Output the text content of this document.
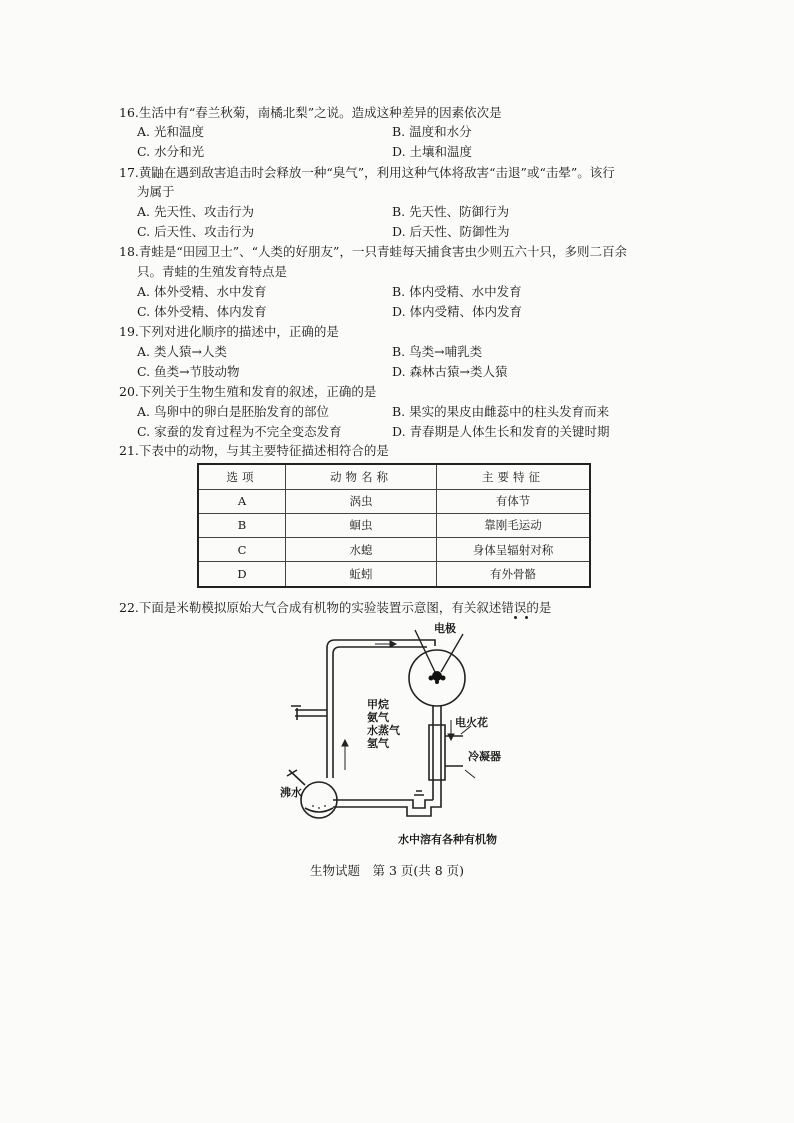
16.生活中有“春兰秋菊，南橘北梨”之说。造成这种差异的因素依次是
A. 光和温度	B. 温度和水分
C. 水分和光	D. 土壤和温度
17.黄鼬在遇到敌害追击时会释放一种“臭气”，利用这种气体将敌害“击退”或“击晕”。该行
为属于
A. 先天性、攻击行为	B. 先天性、防御行为
C. 后天性、攻击行为	D. 后天性、防御性为
18.青蛙是“田园卫士”、“人类的好朋友”，一只青蛙每天捕食害虫少则五六十只，多则二百余
只。青蛙的生殖发育特点是
A. 体外受精、水中发育	B. 体内受精、水中发育
C. 体外受精、体内发育	D. 体内受精、体内发育
19.下列对进化顺序的描述中，正确的是
A. 类人猿→人类	B. 鸟类→哺乳类
C. 鱼类→节肢动物	D. 森林古猿→类人猿
20.下列关于生物生殖和发育的叙述，正确的是
A. 鸟卵中的卵白是胚胎发育的部位	B. 果实的果皮由雌蕊中的柱头发育而来
C. 家蚕的发育过程为不完全变态发育	D. 青春期是人体生长和发育的关键时期
21.下表中的动物，与其主要特征描述相符合的是
选项	动物名称	主要特征
A	涡虫	有体节
B	蛔虫	靠刚毛运动
C	水螅	身体呈辐射对称
D	蚯蚓	有外骨骼
22.下面是米勒模拟原始大气合成有机物的实验装置示意图，有关叙述错误的是
电极
甲烷
氨气
水蒸气
氢气
电火花
冷凝器
沸水
水中溶有各种有机物
生物试题　第 3 页(共 8 页)
